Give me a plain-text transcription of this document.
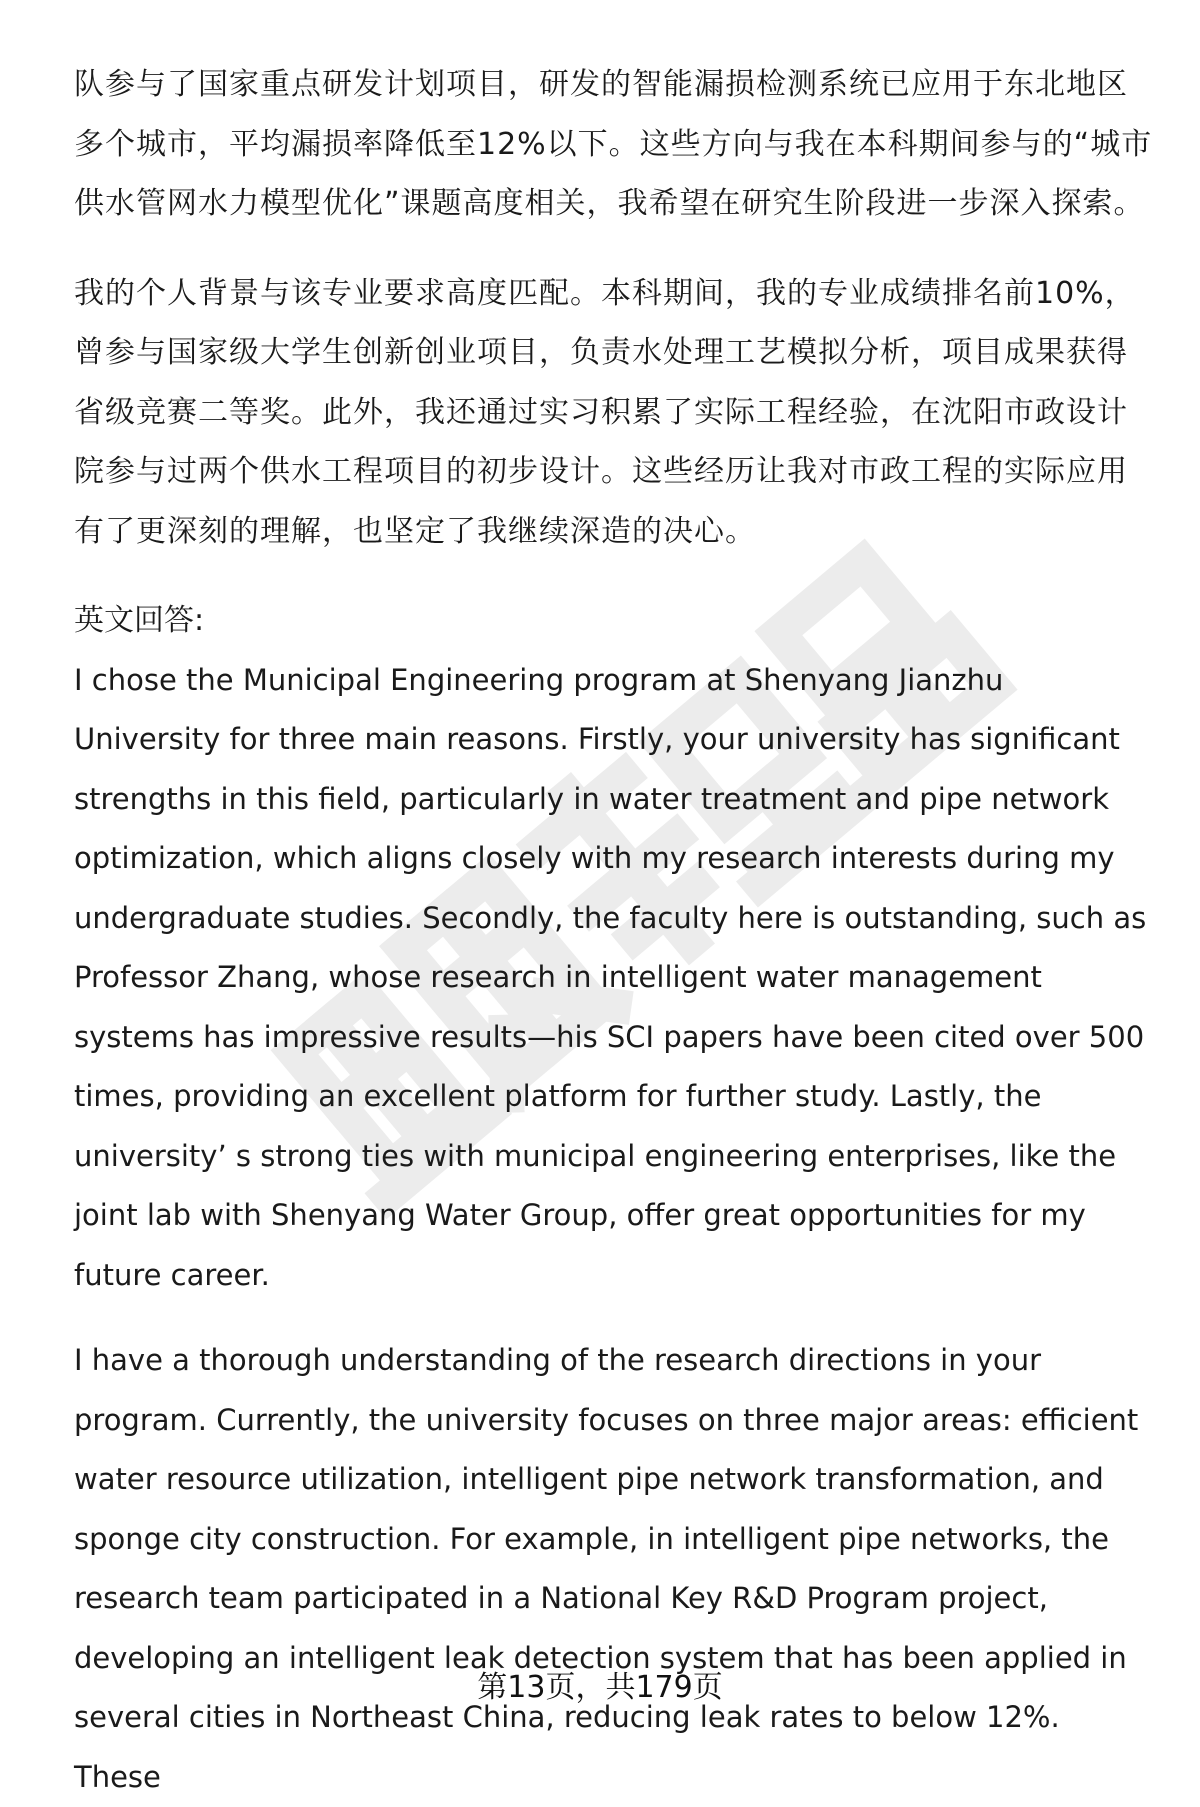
队参与了国家重点研发计划项目，研发的智能漏损检测系统已应用于东北地区多个城市，平均漏损率降低至12%以下。这些方向与我在本科期间参与的“城市供水管网水力模型优化”课题高度相关，我希望在研究生阶段进一步深入探索。

我的个人背景与该专业要求高度匹配。本科期间，我的专业成绩排名前10%，曾参与国家级大学生创新创业项目，负责水处理工艺模拟分析，项目成果获得省级竞赛二等奖。此外，我还通过实习积累了实际工程经验，在沈阳市政设计院参与过两个供水工程项目的初步设计。这些经历让我对市政工程的实际应用有了更深刻的理解，也坚定了我继续深造的决心。

英文回答:

I chose the Municipal Engineering program at Shenyang Jianzhu University for three main reasons. Firstly, your university has significant strengths in this field, particularly in water treatment and pipe network optimization, which aligns closely with my research interests during my undergraduate studies. Secondly, the faculty here is outstanding, such as Professor Zhang, whose research in intelligent water management systems has impressive results—his SCI papers have been cited over 500 times, providing an excellent platform for further study. Lastly, the university’ s strong ties with municipal engineering enterprises, like the joint lab with Shenyang Water Group, offer great opportunities for my future career.

I have a thorough understanding of the research directions in your program. Currently, the university focuses on three major areas: efficient water resource utilization, intelligent pipe network transformation, and sponge city construction. For example, in intelligent pipe networks, the research team participated in a National Key R&D Program project, developing an intelligent leak detection system that has been applied in several cities in Northeast China, reducing leak rates to below 12%. These

第13页，共179页
